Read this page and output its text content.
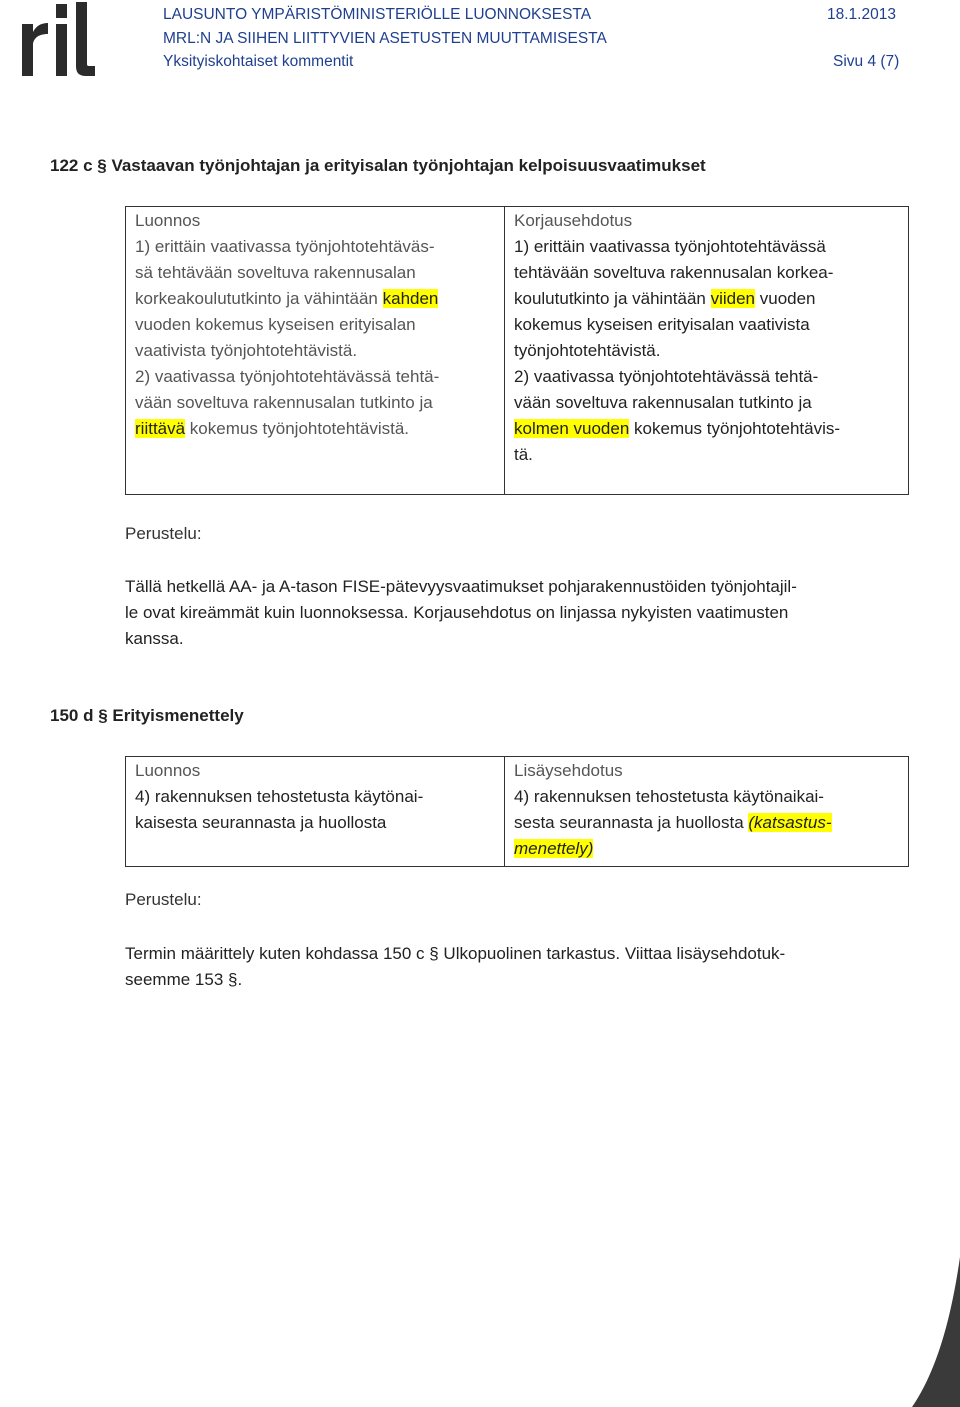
LAUSUNTO YMPÄRISTÖMINISTERIÖLLE LUONNOKSESTA	18.1.2013
MRL:N JA SIIHEN LIITTYVIEN ASETUSTEN MUUTTAMISESTA
Yksityiskohtaiset kommentit	Sivu 4 (7)
122 c § Vastaavan työnjohtajan ja erityisalan työnjohtajan kelpoisuusvaatimukset
Luonnos
1) erittäin vaativassa työnjohtotehtäväs-
sä tehtävään soveltuva rakennusalan
korkeakoulututkinto ja vähintään kahden
vuoden kokemus kyseisen erityisalan
vaativista työnjohtotehtävistä.
2) vaativassa työnjohtotehtävässä tehtä-
vään soveltuva rakennusalan tutkinto ja
riittävä kokemus työnjohtotehtävistä.

Korjausehdotus
1) erittäin vaativassa työnjohtotehtävässä
tehtävään soveltuva rakennusalan korkea-
koulututkinto ja vähintään viiden vuoden
kokemus kyseisen erityisalan vaativista
työnjohtotehtävistä.
2) vaativassa työnjohtotehtävässä tehtä-
vään soveltuva rakennusalan tutkinto ja
kolmen vuoden kokemus työnjohtotehtävis-
tä.
Perustelu:
Tällä hetkellä AA- ja A-tason FISE-pätevyysvaatimukset pohjarakennustöiden työnjohtajil-
le ovat kireämmät kuin luonnoksessa. Korjausehdotus on linjassa nykyisten vaatimusten
kanssa.
150 d § Erityismenettely
Luonnos
4) rakennuksen tehostetusta käytönai-
kaisesta seurannasta ja huollosta

Lisäysehdotus
4) rakennuksen tehostetusta käytönaikai-
sesta seurannasta ja huollosta (katsastus-
menettely)
Perustelu:
Termin määrittely kuten kohdassa 150 c § Ulkopuolinen tarkastus. Viittaa lisäysehdotuk-
seemme 153 §.
